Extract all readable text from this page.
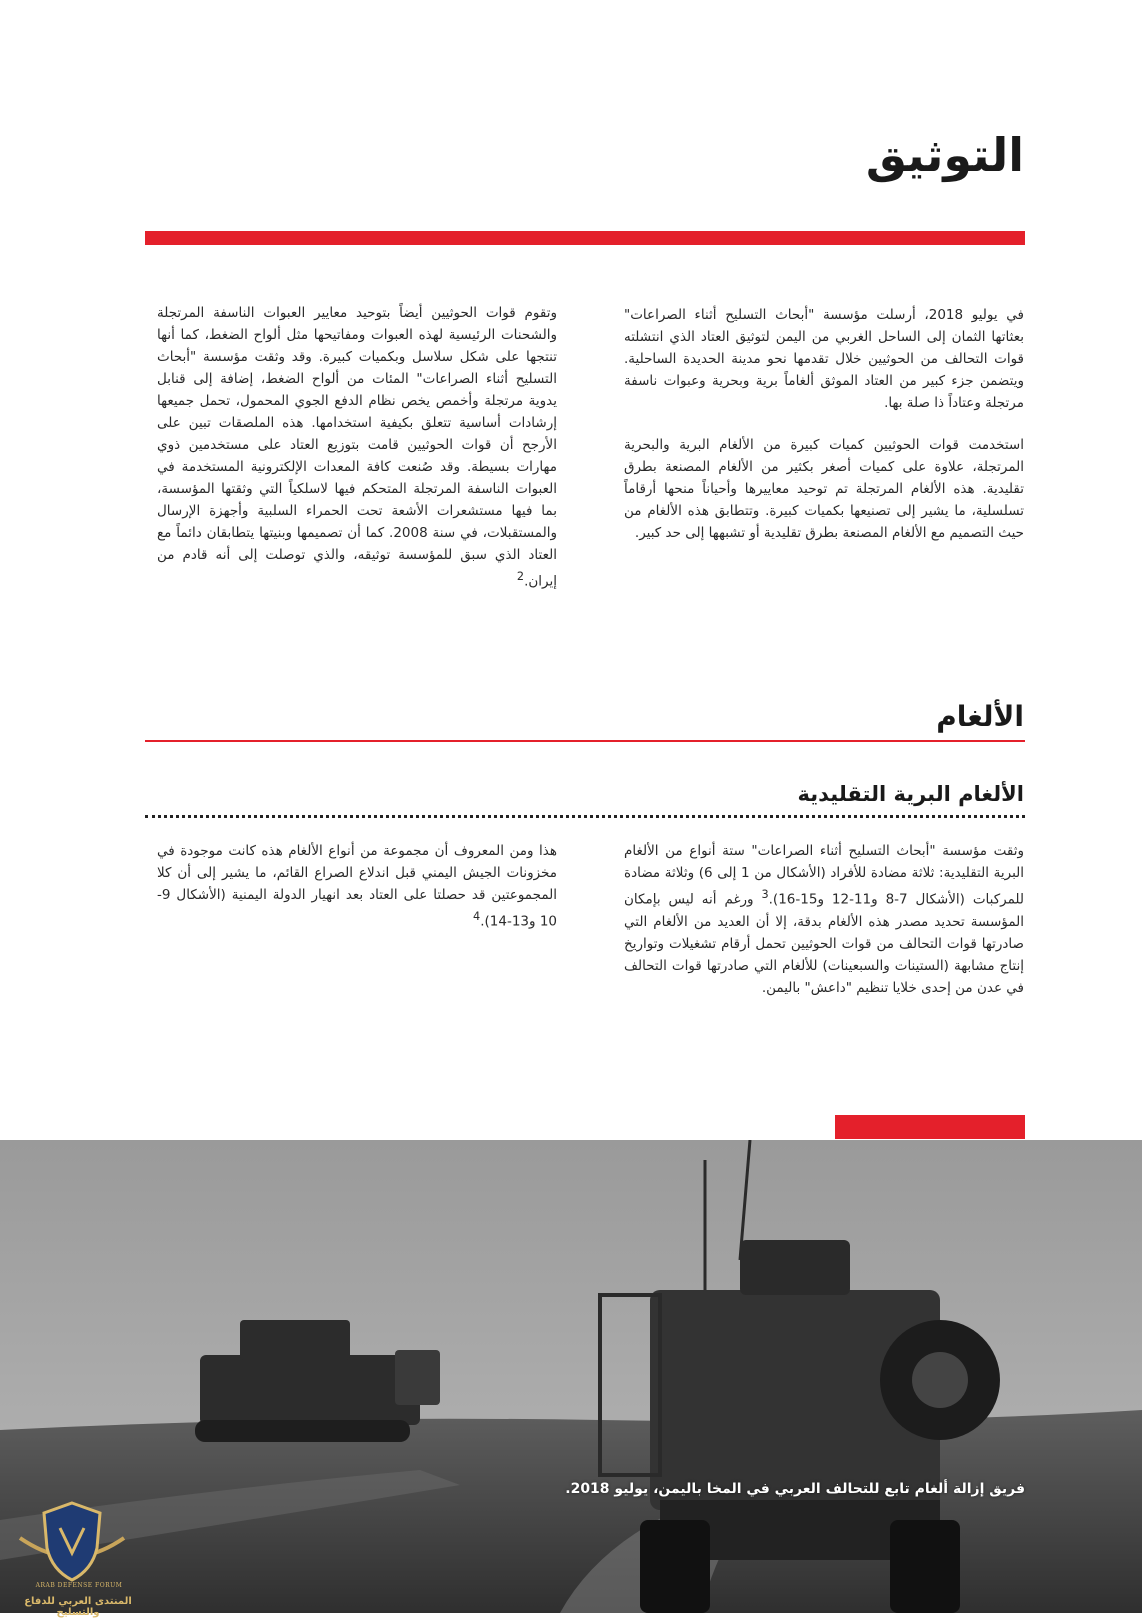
التوثيق

في يوليو 2018، أرسلت مؤسسة "أبحاث التسليح أثناء الصراعات" بعثاتها الثمان إلى الساحل الغربي من اليمن لتوثيق العتاد الذي انتشلته قوات التحالف من الحوثيين خلال تقدمها نحو مدينة الحديدة الساحلية. ويتضمن جزء كبير من العتاد الموثق ألغاماً برية وبحرية وعبوات ناسفة مرتجلة وعتاداً ذا صلة بها.

استخدمت قوات الحوثيين كميات كبيرة من الألغام البرية والبحرية المرتجلة، علاوة على كميات أصغر بكثير من الألغام المصنعة بطرق تقليدية. هذه الألغام المرتجلة تم توحيد معاييرها وأحياناً منحها أرقاماً تسلسلية، ما يشير إلى تصنيعها بكميات كبيرة. وتتطابق هذه الألغام من حيث التصميم مع الألغام المصنعة بطرق تقليدية أو تشبهها إلى حد كبير.

وتقوم قوات الحوثيين أيضاً بتوحيد معايير العبوات الناسفة المرتجلة والشحنات الرئيسية لهذه العبوات ومفاتيحها مثل ألواح الضغط، كما أنها تنتجها على شكل سلاسل وبكميات كبيرة. وقد وثقت مؤسسة "أبحاث التسليح أثناء الصراعات" المئات من ألواح الضغط، إضافة إلى قنابل يدوية مرتجلة وأخمص يخص نظام الدفع الجوي المحمول، تحمل جميعها إرشادات أساسية تتعلق بكيفية استخدامها. هذه الملصقات تبين على الأرجح أن قوات الحوثيين قامت بتوزيع العتاد على مستخدمين ذوي مهارات بسيطة. وقد صُنعت كافة المعدات الإلكترونية المستخدمة في العبوات الناسفة المرتجلة المتحكم فيها لاسلكياً التي وثقتها المؤسسة، بما فيها مستشعرات الأشعة تحت الحمراء السلبية وأجهزة الإرسال والمستقبلات، في سنة 2008. كما أن تصميمها وبنيتها يتطابقان دائماً مع العتاد الذي سبق للمؤسسة توثيقه، والذي توصلت إلى أنه قادم من إيران.$^2$

الألغام
الألغام البرية التقليدية

وثقت مؤسسة "أبحاث التسليح أثناء الصراعات" ستة أنواع من الألغام البرية التقليدية: ثلاثة مضادة للأفراد (الأشكال من 1 إلى 6) وثلاثة مضادة للمركبات (الأشكال 7-8 و11-12 و15-16).$^3$ ورغم أنه ليس بإمكان المؤسسة تحديد مصدر هذه الألغام بدقة، إلا أن العديد من الألغام التي صادرتها قوات التحالف من قوات الحوثيين تحمل أرقام تشغيلات وتواريخ إنتاج مشابهة (الستينات والسبعينات) للألغام التي صادرتها قوات التحالف في عدن من إحدى خلايا تنظيم "داعش" باليمن.

هذا ومن المعروف أن مجموعة من أنواع الألغام هذه كانت موجودة في مخزونات الجيش اليمني قبل اندلاع الصراع القائم، ما يشير إلى أن كلا المجموعتين قد حصلتا على العتاد بعد انهيار الدولة اليمنية (الأشكال 9-10 و13-14).$^4$

فريق إزالة ألغام تابع للتحالف العربي في المخا باليمن، يوليو 2018.
ARAB DEFENSE FORUM
المنتدى العربي للدفاع والتسليح
